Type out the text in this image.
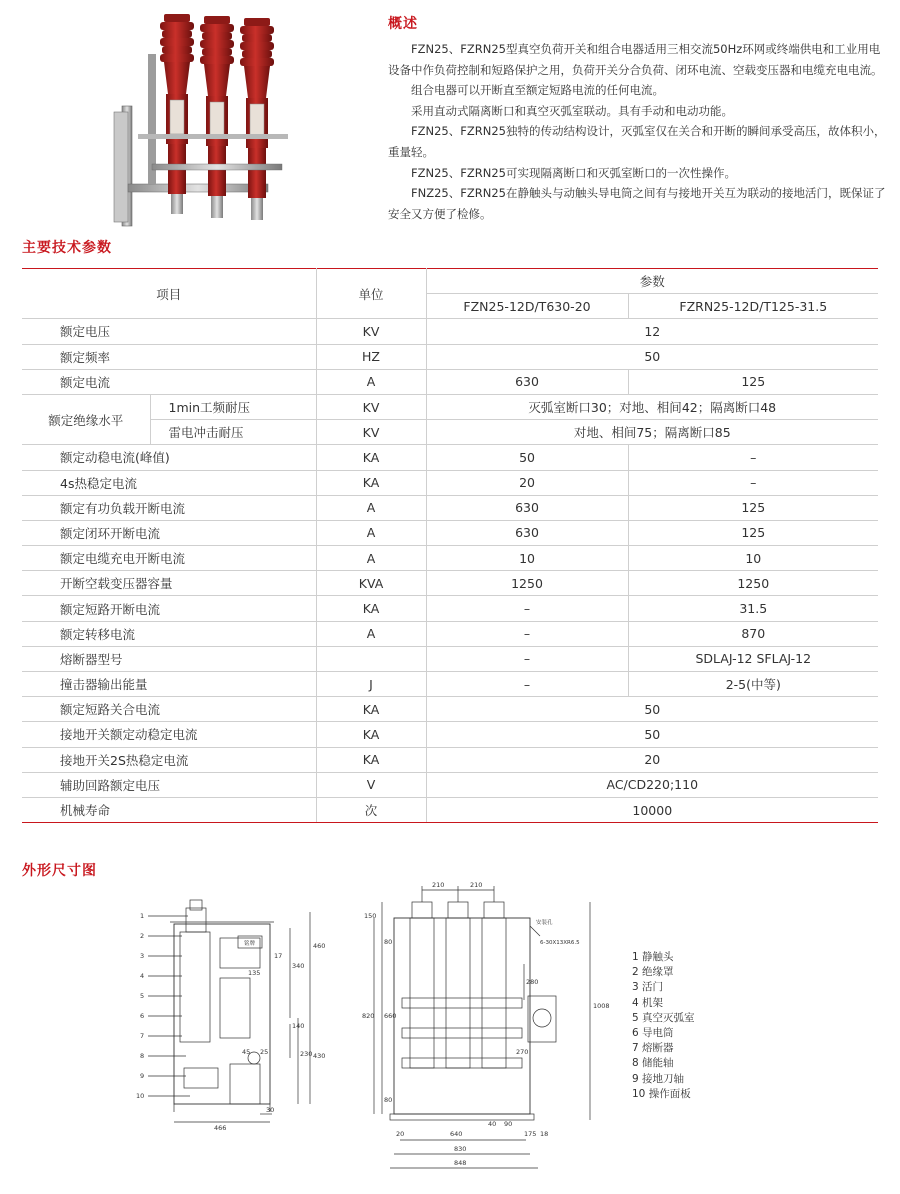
概述

FZN25、FZRN25型真空负荷开关和组合电器适用三相交流50Hz环网或终端供电和工业用电设备中作负荷控制和短路保护之用，负荷开关分合负荷、闭环电流、空载变压器和电缆充电电流。

组合电器可以开断直至额定短路电流的任何电流。

采用直动式隔离断口和真空灭弧室联动。具有手动和电动功能。

FZN25、FZRN25独特的传动结构设计，灭弧室仅在关合和开断的瞬间承受高压，故体积小，重量轻。

FZN25、FZRN25可实现隔离断口和灭弧室断口的一次性操作。

FNZ25、FZRN25在静触头与动触头导电筒之间有与接地开关互为联动的接地活门，既保证了安全又方便了检修。

主要技术参数
项目		单位	参数	
			FZN25-12D/T630-20	FZRN25-12D/T125-31.5
额定电压		KV	12	
额定频率		HZ	50	
额定电流		A	630	125
额定绝缘水平	1min工频耐压	KV	灭弧室断口30；对地、相间42；隔离断口48	
	雷电冲击耐压	KV	对地、相间75；隔离断口85	
额定动稳电流(峰值)		KA	50	–
4s热稳定电流		KA	20	–
额定有功负载开断电流		A	630	125
额定闭环开断电流		A	630	125
额定电缆充电开断电流		A	10	10
开断空载变压器容量		KVA	1250	1250
额定短路开断电流		KA	–	31.5
额定转移电流		A	–	870
熔断器型号			–	SDLAJ-12 SFLAJ-12
撞击器输出能量		J	–	2-5(中等)
额定短路关合电流		KA	50	
接地开关额定动稳定电流		KA	50	
接地开关2S热稳定电流		KA	20	
辅助回路额定电压		V	AC/CD220;110	
机械寿命		次	10000	
外形尺寸图
1
2
3
4
5
6
7
8
9
10
铭牌	460
340
135
17
140
430
230
45 25
30
466
210	210
150
80
660
820
80
1008
280
270
20	640
40 90
175 18
830
848
安装孔
6-30X13XR6.5
1 静触头
2 绝缘罩
3 活门
4 机架
5 真空灭弧室
6 导电筒
7 熔断器
8 储能轴
9 接地刀轴
10 操作面板
